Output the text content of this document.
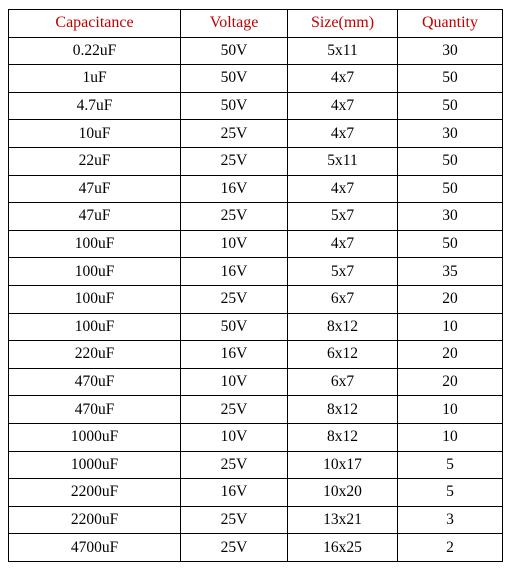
Capacitance	Voltage	Size(mm)	Quantity
0.22uF	50V	5x11	30
1uF	50V	4x7	50
4.7uF	50V	4x7	50
10uF	25V	4x7	30
22uF	25V	5x11	50
47uF	16V	4x7	50
47uF	25V	5x7	30
100uF	10V	4x7	50
100uF	16V	5x7	35
100uF	25V	6x7	20
100uF	50V	8x12	10
220uF	16V	6x12	20
470uF	10V	6x7	20
470uF	25V	8x12	10
1000uF	10V	8x12	10
1000uF	25V	10x17	5
2200uF	16V	10x20	5
2200uF	25V	13x21	3
4700uF	25V	16x25	2
